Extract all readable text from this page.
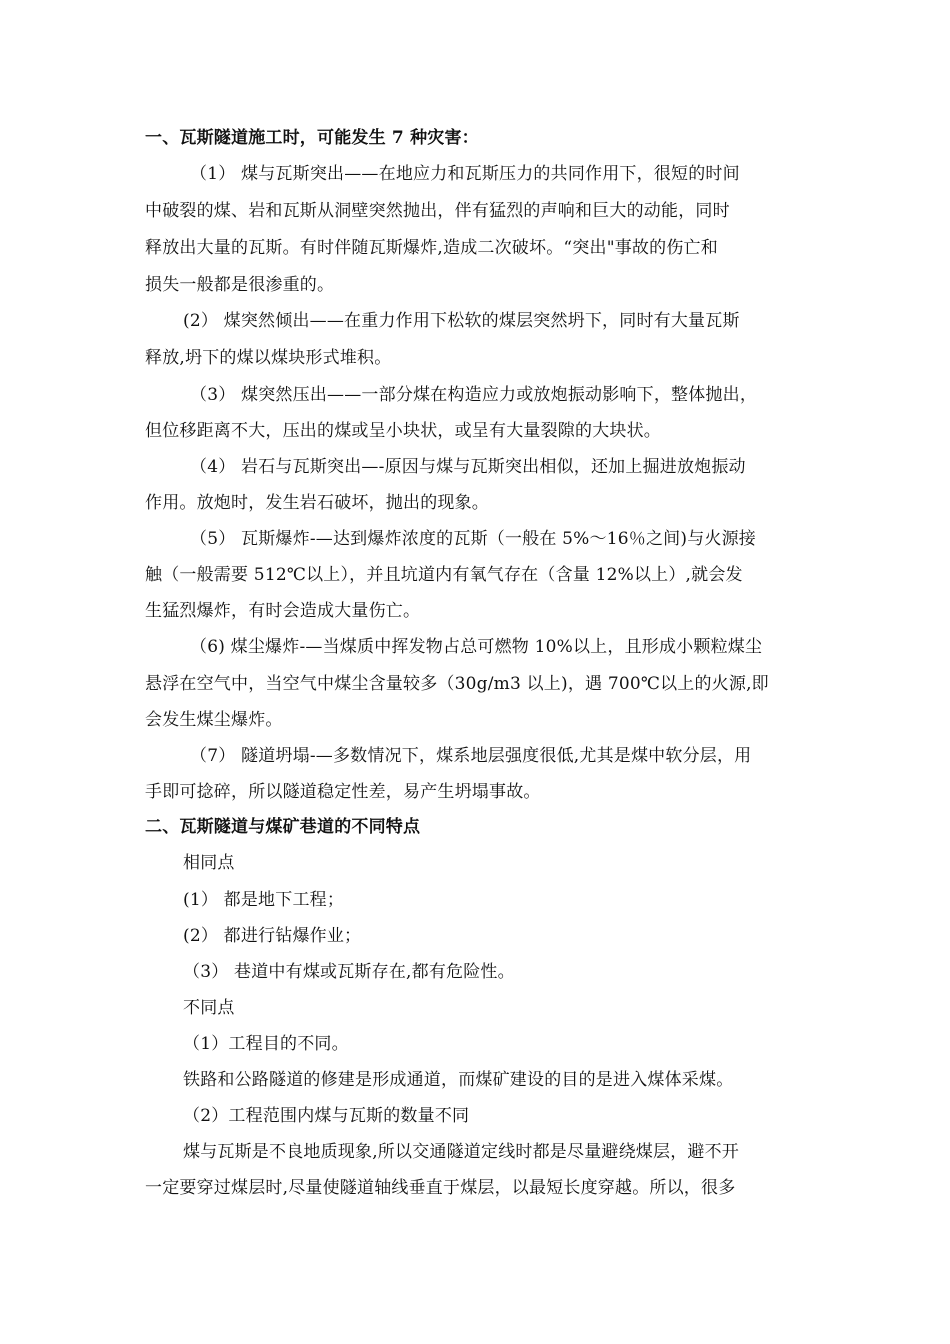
一、瓦斯隧道施工时，可能发生 7 种灾害：
（1） 煤与瓦斯突出——在地应力和瓦斯压力的共同作用下，很短的时间
中破裂的煤、岩和瓦斯从洞壁突然抛出，伴有猛烈的声响和巨大的动能，同时
释放出大量的瓦斯。有时伴随瓦斯爆炸,造成二次破坏。“突出"事故的伤亡和
损失一般都是很渗重的。
(2） 煤突然倾出——在重力作用下松软的煤层突然坍下，同时有大量瓦斯
释放,坍下的煤以煤块形式堆积。
（3） 煤突然压出——一部分煤在构造应力或放炮振动影响下，整体抛出，
但位移距离不大，压出的煤或呈小块状，或呈有大量裂隙的大块状。
（4） 岩石与瓦斯突出—-原因与煤与瓦斯突出相似，还加上掘进放炮振动
作用。放炮时，发生岩石破坏，抛出的现象。
（5） 瓦斯爆炸-—达到爆炸浓度的瓦斯（一般在 5%～16％之间)与火源接
触（一般需要 512℃以上），并且坑道内有氧气存在（含量 12%以上）,就会发
生猛烈爆炸，有时会造成大量伤亡。
（6) 煤尘爆炸-—当煤质中挥发物占总可燃物 10%以上，且形成小颗粒煤尘
悬浮在空气中，当空气中煤尘含量较多（30g/m3 以上)，遇 700℃以上的火源,即
会发生煤尘爆炸。
（7） 隧道坍塌-—多数情况下，煤系地层强度很低,尤其是煤中软分层，用
手即可捻碎，所以隧道稳定性差，易产生坍塌事故。
二、瓦斯隧道与煤矿巷道的不同特点
相同点
(1） 都是地下工程；
(2） 都进行钻爆作业；
（3） 巷道中有煤或瓦斯存在,都有危险性。
不同点
（1）工程目的不同。
铁路和公路隧道的修建是形成通道，而煤矿建设的目的是进入煤体采煤。
（2）工程范围内煤与瓦斯的数量不同
煤与瓦斯是不良地质现象,所以交通隧道定线时都是尽量避绕煤层，避不开
一定要穿过煤层时,尽量使隧道轴线垂直于煤层，以最短长度穿越。所以，很多
